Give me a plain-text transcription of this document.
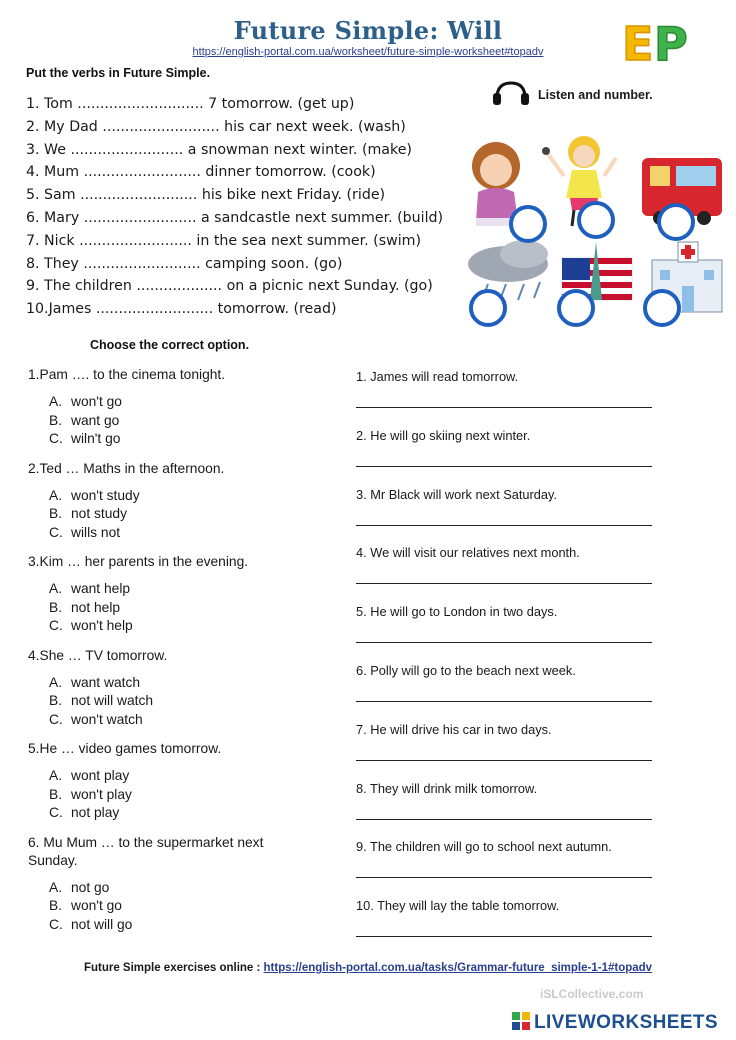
Future Simple: Will
https://english-portal.com.ua/worksheet/future-simple-worksheet#topadv	E P
Put the verbs in Future Simple.
Listen and number.
1. Tom ............................ 7 tomorrow. (get up)
2. My Dad .......................... his car next week. (wash)
3. We ......................... a snowman next winter. (make)
4. Mum .......................... dinner tomorrow. (cook)
5. Sam .......................... his bike next Friday. (ride)
6. Mary ......................... a sandcastle next summer. (build)
7. Nick ......................... in the sea next summer. (swim)
8. They .......................... camping soon. (go)
9. The children ................... on a picnic next Sunday. (go)
10.James .......................... tomorrow. (read)
Choose the correct option.
1.Pam …. to the cinema tonight.
A. won't go
B. want go
C. wiln't go
2.Ted … Maths in the afternoon.
A. won't study
B. not study
C. wills not
3.Kim … her parents in the evening.
A. want help
B. not help
C. won't help
4.She … TV tomorrow.
A. want watch
B. not will watch
C. won't watch
5.He … video games tomorrow.
A. wont play
B. won't play
C. not play
6. Mu Mum … to the supermarket next Sunday.
A. not go
B. won't go
C. not will go
1. James will read tomorrow.
2. He will go skiing next winter.
3. Mr Black will work next Saturday.
4. We will visit our relatives next month.
5. He will go to London in two days.
6. Polly will go to the beach next week.
7. He will drive his car in two days.
8. They will drink milk tomorrow.
9. The children will go to school next autumn.
10. They will lay the table tomorrow.
Future Simple exercises online : https://english-portal.com.ua/tasks/Grammar-future_simple-1-1#topadv
iSLCollective.com
LIVEWORKSHEETS
